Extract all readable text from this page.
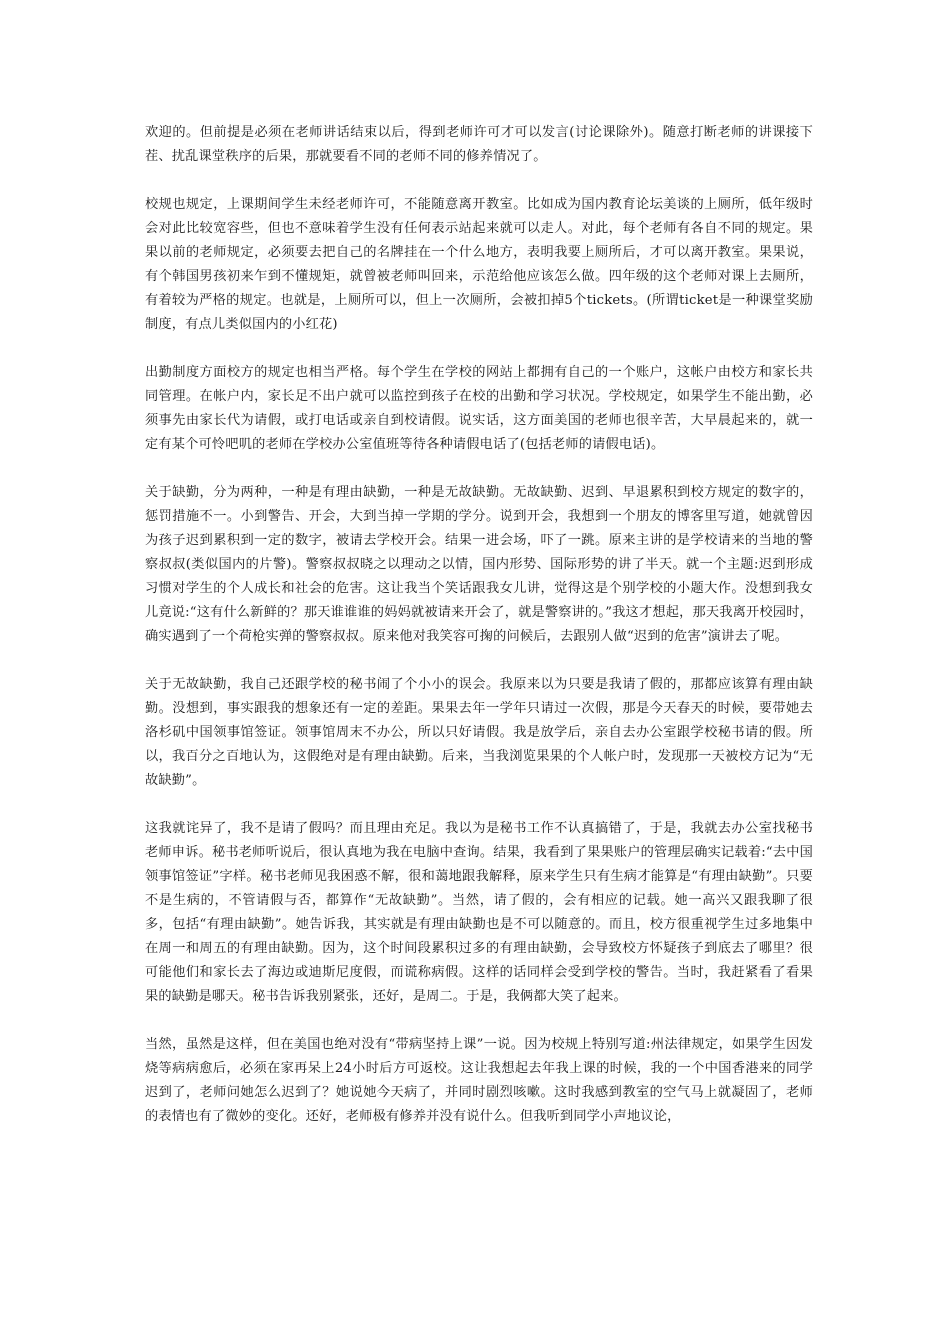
欢迎的。但前提是必须在老师讲话结束以后，得到老师许可才可以发言(讨论课除外)。随意打断老师的讲课接下茬、扰乱课堂秩序的后果，那就要看不同的老师不同的修养情况了。

校规也规定，上课期间学生未经老师许可，不能随意离开教室。比如成为国内教育论坛美谈的上厕所，低年级时会对此比较宽容些，但也不意味着学生没有任何表示站起来就可以走人。对此，每个老师有各自不同的规定。果果以前的老师规定，必须要去把自己的名牌挂在一个什么地方，表明我要上厕所后，才可以离开教室。果果说，有个韩国男孩初来乍到不懂规矩，就曾被老师叫回来，示范给他应该怎么做。四年级的这个老师对课上去厕所，有着较为严格的规定。也就是，上厕所可以，但上一次厕所，会被扣掉5个tickets。(所谓ticket是一种课堂奖励制度，有点儿类似国内的小红花)

出勤制度方面校方的规定也相当严格。每个学生在学校的网站上都拥有自己的一个账户，这帐户由校方和家长共同管理。在帐户内，家长足不出户就可以监控到孩子在校的出勤和学习状况。学校规定，如果学生不能出勤，必须事先由家长代为请假，或打电话或亲自到校请假。说实话，这方面美国的老师也很辛苦，大早晨起来的，就一定有某个可怜吧叽的老师在学校办公室值班等待各种请假电话了(包括老师的请假电话)。

关于缺勤，分为两种，一种是有理由缺勤，一种是无故缺勤。无故缺勤、迟到、早退累积到校方规定的数字的，惩罚措施不一。小到警告、开会，大到当掉一学期的学分。说到开会，我想到一个朋友的博客里写道，她就曾因为孩子迟到累积到一定的数字，被请去学校开会。结果一进会场，吓了一跳。原来主讲的是学校请来的当地的警察叔叔(类似国内的片警)。警察叔叔晓之以理动之以情，国内形势、国际形势的讲了半天。就一个主题:迟到形成习惯对学生的个人成长和社会的危害。这让我当个笑话跟我女儿讲，觉得这是个别学校的小题大作。没想到我女儿竟说:“这有什么新鲜的？那天谁谁谁的妈妈就被请来开会了，就是警察讲的。”我这才想起，那天我离开校园时，确实遇到了一个荷枪实弹的警察叔叔。原来他对我笑容可掬的问候后，去跟别人做“迟到的危害”演讲去了呢。

关于无故缺勤，我自己还跟学校的秘书闹了个小小的误会。我原来以为只要是我请了假的，那都应该算有理由缺勤。没想到，事实跟我的想象还有一定的差距。果果去年一学年只请过一次假，那是今天春天的时候，要带她去洛杉矶中国领事馆签证。领事馆周末不办公，所以只好请假。我是放学后，亲自去办公室跟学校秘书请的假。所以，我百分之百地认为，这假绝对是有理由缺勤。后来，当我浏览果果的个人帐户时，发现那一天被校方记为“无故缺勤”。

这我就诧异了，我不是请了假吗？而且理由充足。我以为是秘书工作不认真搞错了，于是，我就去办公室找秘书老师申诉。秘书老师听说后，很认真地为我在电脑中查询。结果，我看到了果果账户的管理层确实记载着:“去中国领事馆签证”字样。秘书老师见我困惑不解，很和蔼地跟我解释，原来学生只有生病才能算是“有理由缺勤”。只要不是生病的，不管请假与否，都算作“无故缺勤”。当然，请了假的，会有相应的记载。她一高兴又跟我聊了很多，包括“有理由缺勤”。她告诉我，其实就是有理由缺勤也是不可以随意的。而且，校方很重视学生过多地集中在周一和周五的有理由缺勤。因为，这个时间段累积过多的有理由缺勤，会导致校方怀疑孩子到底去了哪里？很可能他们和家长去了海边或迪斯尼度假，而谎称病假。这样的话同样会受到学校的警告。当时，我赶紧看了看果果的缺勤是哪天。秘书告诉我别紧张，还好，是周二。于是，我俩都大笑了起来。

当然，虽然是这样，但在美国也绝对没有“带病坚持上课”一说。因为校规上特别写道:州法律规定，如果学生因发烧等病病愈后，必须在家再呆上24小时后方可返校。这让我想起去年我上课的时候，我的一个中国香港来的同学迟到了，老师问她怎么迟到了？她说她今天病了，并同时剧烈咳嗽。这时我感到教室的空气马上就凝固了，老师的表情也有了微妙的变化。还好，老师极有修养并没有说什么。但我听到同学小声地议论，
